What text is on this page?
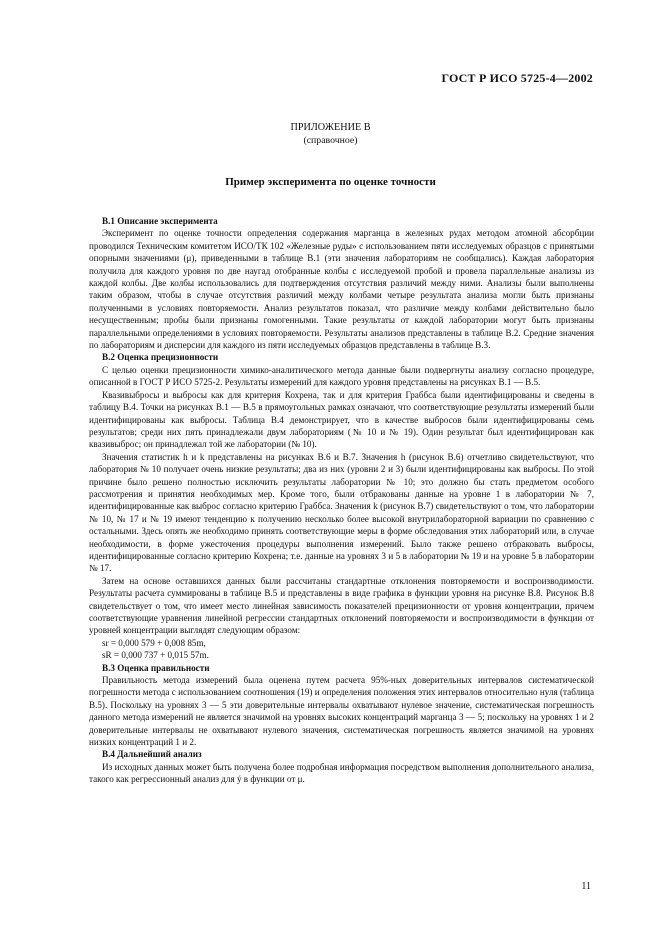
ГОСТ Р ИСО 5725-4—2002
ПРИЛОЖЕНИЕ В
(справочное)
Пример эксперимента по оценке точности
В.1 Описание эксперимента

Эксперимент по оценке точности определения содержания марганца в железных рудах методом атомной абсорбции проводился Техническим комитетом ИСО/ТК 102 «Железные руды» с использованием пяти исследуемых образцов с принятыми опорными значениями (μ), приведенными в таблице В.1 (эти значения лабораториям не сообщались). Каждая лаборатория получила для каждого уровня по две наугад отобранные колбы с исследуемой пробой и провела параллельные анализы из каждой колбы. Две колбы использовались для подтверждения отсутствия различий между ними. Анализы были выполнены таким образом, чтобы в случае отсутствия различий между колбами четыре результата анализа могли быть признаны полученными в условиях повторяемости. Анализ результатов показал, что различие между колбами действительно было несущественным; пробы были признаны гомогенными. Такие результаты от каждой лаборатории могут быть признаны параллельными определениями в условиях повторяемости. Результаты анализов представлены в таблице В.2. Средние значения по лабораториям и дисперсии для каждого из пяти исследуемых образцов представлены в таблице В.3.

В.2 Оценка прецизионности

С целью оценки прецизионности химико-аналитического метода данные были подвергнуты анализу согласно процедуре, описанной в ГОСТ Р ИСО 5725-2. Результаты измерений для каждого уровня представлены на рисунках В.1 — В.5.

Квазивыбросы и выбросы как для критерия Кохрена, так и для критерия Граббса были идентифицированы и сведены в таблицу В.4. Точки на рисунках В.1 — В.5 в прямоугольных рамках означают, что соответствующие результаты измерений были идентифицированы как выбросы. Таблица В.4 демонстрирует, что в качестве выбросов были идентифицированы семь результатов; среди них пять принадлежали двум лабораториям (№ 10 и № 19). Один результат был идентифицирован как квазивыброс; он принадлежал той же лаборатории (№ 10).

Значения статистик h и k представлены на рисунках В.6 и В.7. Значения h (рисунок В.6) отчетливо свидетельствуют, что лаборатория № 10 получает очень низкие результаты; два из них (уровни 2 и 3) были идентифицированы как выбросы. По этой причине было решено полностью исключить результаты лаборатории № 10; это должно бы стать предметом особого рассмотрения и принятия необходимых мер. Кроме того, были отбракованы данные на уровне 1 в лаборатории № 7, идентифицированные как выброс согласно критерию Граббса. Значения k (рисунок В.7) свидетельствуют о том, что лаборатории № 10, № 17 и № 19 имеют тенденцию к получению несколько более высокой внутрилабораторной вариации по сравнению с остальными. Здесь опять же необходимо принять соответствующие меры в форме обследования этих лабораторий или, в случае необходимости, в форме ужесточения процедуры выполнения измерений. Было также решено отбраковать выбросы, идентифицированные согласно критерию Кохрена; т.е. данные на уровнях 3 и 5 в лаборатории № 19 и на уровне 5 в лаборатории № 17.

Затем на основе оставшихся данных были рассчитаны стандартные отклонения повторяемости и воспроизводимости. Результаты расчета суммированы в таблице В.5 и представлены в виде графика в функции уровня на рисунке В.8. Рисунок В.8 свидетельствует о том, что имеет место линейная зависимость показателей прецизионности от уровня концентрации, причем соответствующие уравнения линейной регрессии стандартных отклонений повторяемости и воспроизводимости в функции от уровней концентрации выглядят следующим образом:

sr = 0,000 579 + 0,008 85m,

sR = 0,000 737 + 0,015 57m.

В.3 Оценка правильности

Правильность метода измерений была оценена путем расчета 95%-ных доверительных интервалов систематической погрешности метода с использованием соотношения (19) и определения положения этих интервалов относительно нуля (таблица В.5). Поскольку на уровнях 3 — 5 эти доверительные интервалы охватывают нулевое значение, систематическая погрешность данного метода измерений не является значимой на уровнях высоких концентраций марганца 3 — 5; поскольку на уровнях 1 и 2 доверительные интервалы не охватывают нулевого значения, систематическая погрешность является значимой на уровнях низких концентраций 1 и 2.

В.4 Дальнейший анализ

Из исходных данных может быть получена более подробная информация посредством выполнения дополнительного анализа, такого как регрессионный анализ для ý в функции от μ.

11
